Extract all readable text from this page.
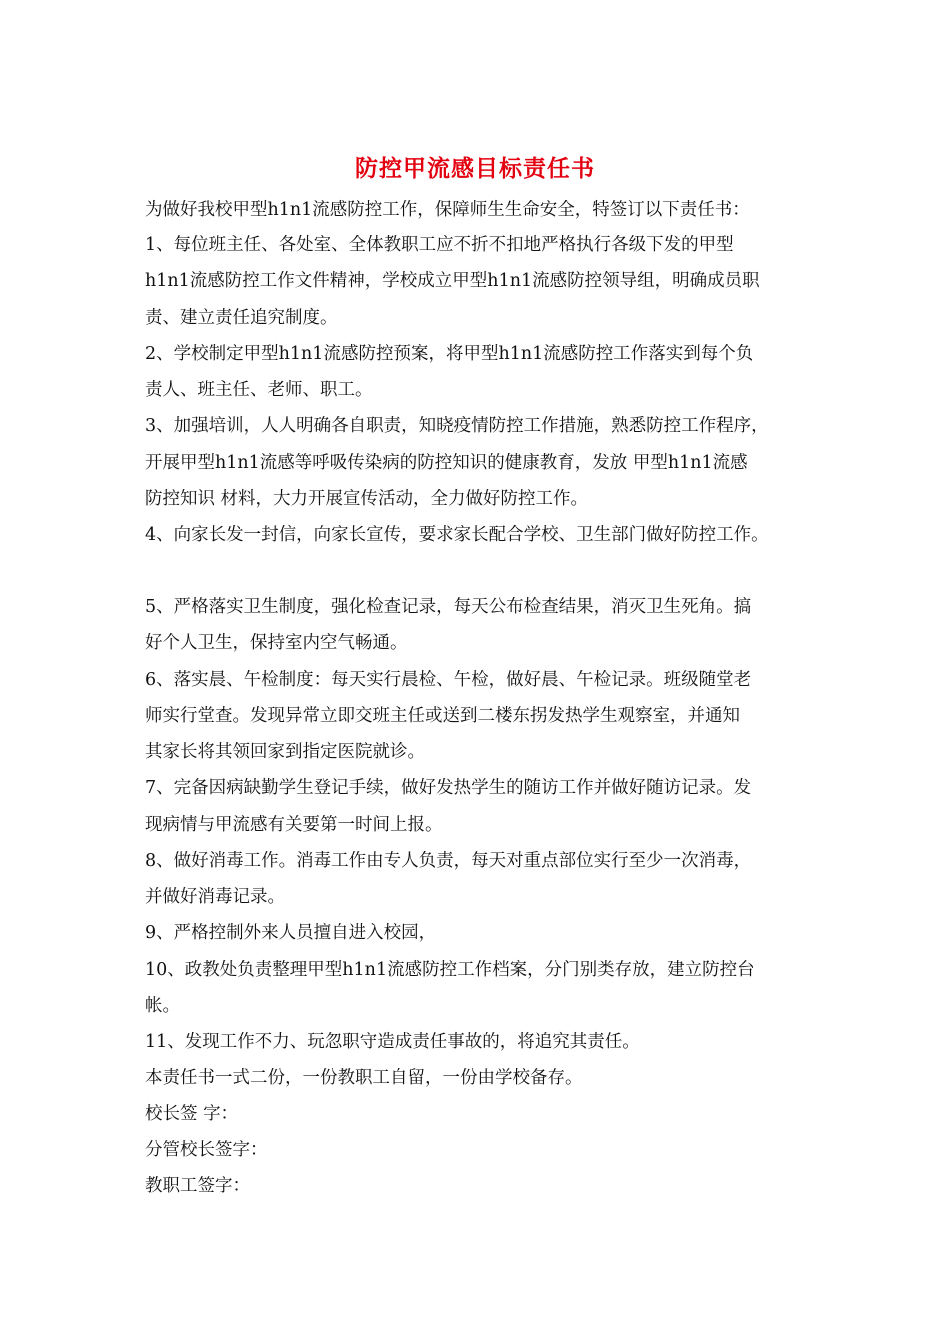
防控甲流感目标责任书
为做好我校甲型h1n1流感防控工作，保障师生生命安全，特签订以下责任书：
1、每位班主任、各处室、全体教职工应不折不扣地严格执行各级下发的甲型
h1n1流感防控工作文件精神，学校成立甲型h1n1流感防控领导组，明确成员职
责、建立责任追究制度。
2、学校制定甲型h1n1流感防控预案，将甲型h1n1流感防控工作落实到每个负
责人、班主任、老师、职工。
3、加强培训，人人明确各自职责，知晓疫情防控工作措施，熟悉防控工作程序，
开展甲型h1n1流感等呼吸传染病的防控知识的健康教育，发放 甲型h1n1流感
防控知识 材料，大力开展宣传活动，全力做好防控工作。
4、向家长发一封信，向家长宣传，要求家长配合学校、卫生部门做好防控工作。
5、严格落实卫生制度，强化检查记录，每天公布检查结果，消灭卫生死角。搞
好个人卫生，保持室内空气畅通。
6、落实晨、午检制度：每天实行晨检、午检，做好晨、午检记录。班级随堂老
师实行堂查。发现异常立即交班主任或送到二楼东拐发热学生观察室，并通知
其家长将其领回家到指定医院就诊。
7、完备因病缺勤学生登记手续，做好发热学生的随访工作并做好随访记录。发
现病情与甲流感有关要第一时间上报。
8、做好消毒工作。消毒工作由专人负责，每天对重点部位实行至少一次消毒，
并做好消毒记录。
9、严格控制外来人员擅自进入校园，
10、政教处负责整理甲型h1n1流感防控工作档案，分门别类存放，建立防控台
帐。
11、发现工作不力、玩忽职守造成责任事故的，将追究其责任。
本责任书一式二份，一份教职工自留，一份由学校备存。
校长签 字：
分管校长签字：
教职工签字：
